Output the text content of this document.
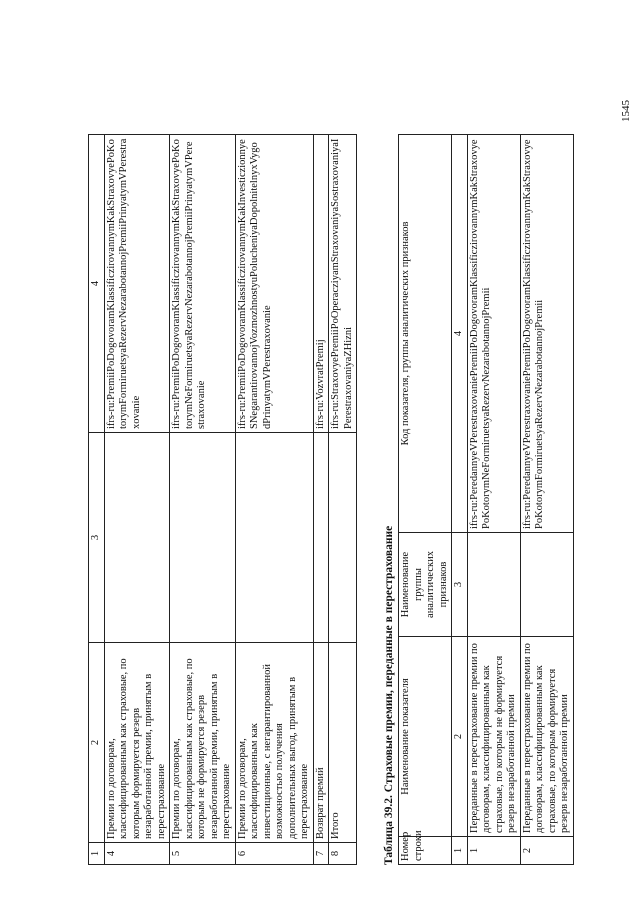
1	2	3	4
4	Премии по договорам, классифицированным как страховые, по которым формируется резерв незаработанной премии, принятым в перестрахование		ifrs-ru:PremiiPoDogovoramKlassificzirovannymKakStraxovyePoKotorymFormiruetsyaRezervNezarabotannojPremiiPrinyatymVPerestraxovanie
5	Премии по договорам, классифицированным как страховые, по которым не формируется резерв незаработанной премии, принятым в перестрахование		ifrs-ru:PremiiPoDogovoramKlassificzirovannymKakStraxovyePoKotorymNeFormiruetsyaRezervNezarabotannojPremiiPrinyatymVPerestraxovanie
6	Премии по договорам, классифицированным как инвестиционные, с негарантированной возможностью получения дополнительных выгод, принятым в перестрахование		ifrs-ru:PremiiPoDogovoramKlassificzirovannymKakInvesticzionnyeSNegarantirovannojVozmozhnostyuPolucheniyaDopolnitelnyxVygodPrinyatymVPerestraxovanie
7	Возврат премий		ifrs-ru:VozvratPremij
8	Итого		ifrs-ru:StraxovyePremiiPoOperacziyamStraxovaniyaSostraxovaniyaIPerestraxovaniyaZHizni
Таблица 39.2. Страховые премии, переданные в перестрахование Номер строки	Наименование показателя	Наименование группы аналитических признаков	Код показателя, группы аналитических признаков
1	2	3	4
1	Переданные в перестрахование премии по договорам, классифицированным как страховые, по которым не формируется резерв незаработанной премии		ifrs-ru:PeredannyeVPerestraxovaniePremiiPoDogovoramKlassificzirovannymKakStraxovyePoKotorymNeFormiruetsyaRezervNezarabotannojPremii
2	Переданные в перестрахование премии по договорам, классифицированным как страховые, по которым формируется резерв незаработанной премии		ifrs-ru:PeredannyeVPerestraxovaniePremiiPoDogovoramKlassificzirovannymKakStraxovyePoKotorymFormiruetsyaRezervNezarabotannojPremii
1545
